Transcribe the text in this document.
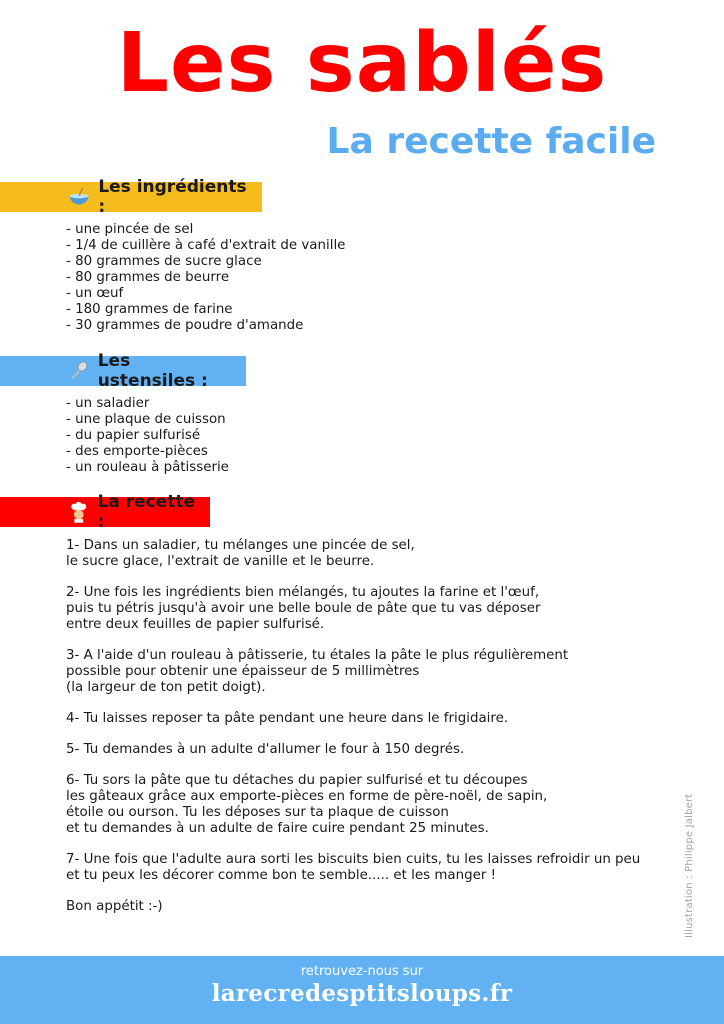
Les sablés
La recette facile
Les ingrédients :
- une pincée de sel
- 1/4 de cuillère à café d'extrait de vanille
- 80 grammes de sucre glace
- 80 grammes de beurre
- un œuf
- 180 grammes de farine
- 30 grammes de poudre d'amande
Les ustensiles :
- un saladier
- une plaque de cuisson
- du papier sulfurisé
- des emporte-pièces
- un rouleau à pâtisserie
La recette :

1- Dans un saladier, tu mélanges une pincée de sel,

le sucre glace, l'extrait de vanille et le beurre.

2- Une fois les ingrédients bien mélangés, tu ajoutes la farine et l'œuf,

puis tu pétris jusqu'à avoir une belle boule de pâte que tu vas déposer

entre deux feuilles de papier sulfurisé.

3- A l'aide d'un rouleau à pâtisserie, tu étales la pâte le plus régulièrement

possible pour obtenir une épaisseur de 5 millimètres

(la largeur de ton petit doigt).

4- Tu laisses reposer ta pâte pendant une heure dans le frigidaire.

5- Tu demandes à un adulte d'allumer le four à 150 degrés.

6- Tu sors la pâte que tu détaches du papier sulfurisé et tu découpes

les gâteaux grâce aux emporte-pièces en forme de père-noël, de sapin,

étoile ou ourson. Tu les déposes sur ta plaque de cuisson

et tu demandes à un adulte de faire cuire pendant 25 minutes.

7- Une fois que l'adulte aura sorti les biscuits bien cuits, tu les laisses refroidir un peu

et tu peux les décorer comme bon te semble..... et les manger !

Bon appétit :-)	Illustration : Philippe Jalbert
retrouvez-nous sur
larecredesptitsloups.fr
